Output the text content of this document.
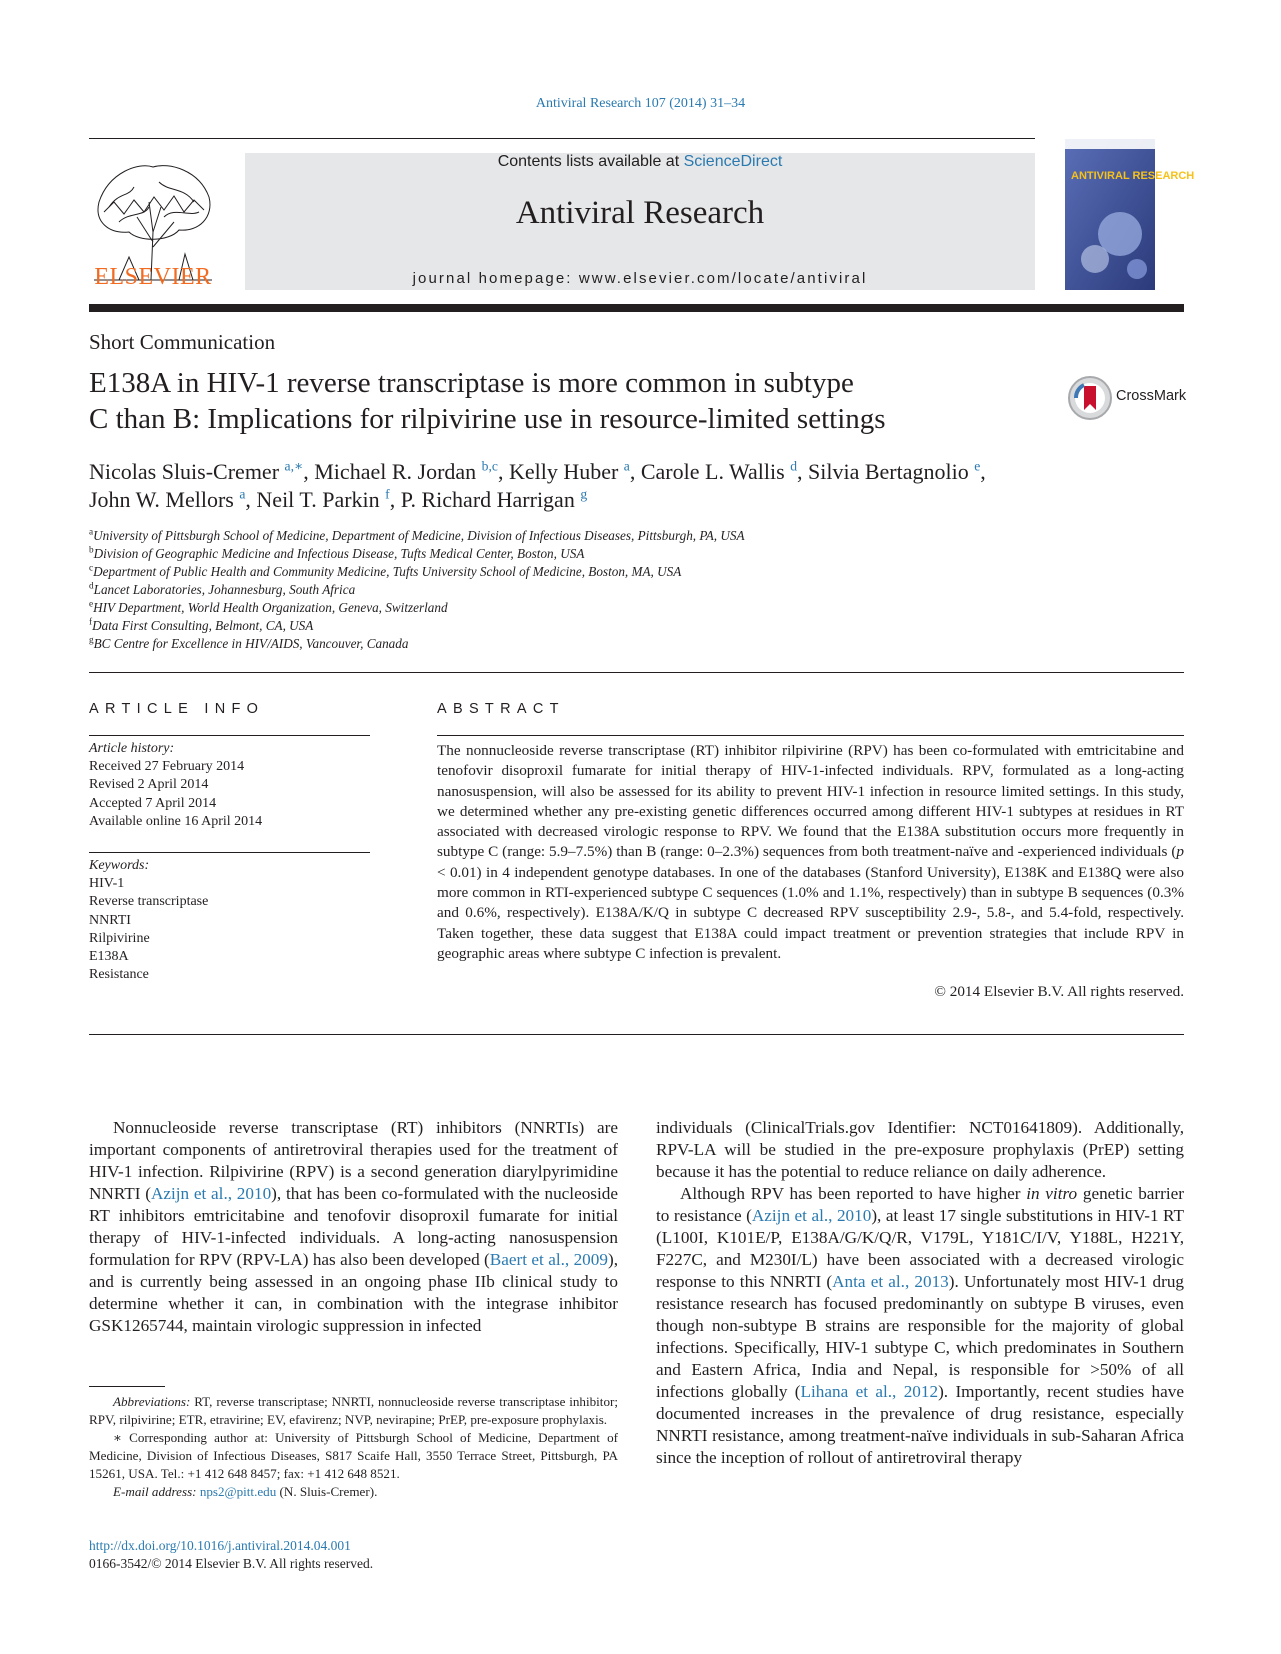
Antiviral Research 107 (2014) 31–34
ELSEVIER
Contents lists available at ScienceDirect
Antiviral Research
journal homepage: www.elsevier.com/locate/antiviral
ANTIVIRAL RESEARCH
Short Communication
E138A in HIV-1 reverse transcriptase is more common in subtype
C than B: Implications for rilpivirine use in resource-limited settings
CrossMark
Nicolas Sluis-Cremer $^{a,∗}$, Michael R. Jordan $^{b,c}$, Kelly Huber $^a$, Carole L. Wallis $^d$, Silvia Bertagnolio $^e$,
John W. Mellors $^a$, Neil T. Parkin $^f$, P. Richard Harrigan $^g$
$^a$University of Pittsburgh School of Medicine, Department of Medicine, Division of Infectious Diseases, Pittsburgh, PA, USA
$^b$Division of Geographic Medicine and Infectious Disease, Tufts Medical Center, Boston, USA
$^c$Department of Public Health and Community Medicine, Tufts University School of Medicine, Boston, MA, USA
$^d$Lancet Laboratories, Johannesburg, South Africa
$^e$HIV Department, World Health Organization, Geneva, Switzerland
$^f$Data First Consulting, Belmont, CA, USA
$^g$BC Centre for Excellence in HIV/AIDS, Vancouver, Canada
ARTICLE INFO
Article history:
Received 27 February 2014
Revised 2 April 2014
Accepted 7 April 2014
Available online 16 April 2014
Keywords:
HIV-1
Reverse transcriptase
NNRTI
Rilpivirine
E138A
Resistance
ABSTRACT
The nonnucleoside reverse transcriptase (RT) inhibitor rilpivirine (RPV) has been co-formulated with emtricitabine and tenofovir disoproxil fumarate for initial therapy of HIV-1-infected individuals. RPV, formulated as a long-acting nanosuspension, will also be assessed for its ability to prevent HIV-1 infection in resource limited settings. In this study, we determined whether any pre-existing genetic differences occurred among different HIV-1 subtypes at residues in RT associated with decreased virologic response to RPV. We found that the E138A substitution occurs more frequently in subtype C (range: 5.9–7.5%) than B (range: 0–2.3%) sequences from both treatment-naïve and -experienced individuals (p < 0.01) in 4 independent genotype databases. In one of the databases (Stanford University), E138K and E138Q were also more common in RTI-experienced subtype C sequences (1.0% and 1.1%, respectively) than in subtype B sequences (0.3% and 0.6%, respectively). E138A/K/Q in subtype C decreased RPV susceptibility 2.9-, 5.8-, and 5.4-fold, respectively. Taken together, these data suggest that E138A could impact treatment or prevention strategies that include RPV in geographic areas where subtype C infection is prevalent.
© 2014 Elsevier B.V. All rights reserved.

Nonnucleoside reverse transcriptase (RT) inhibitors (NNRTIs) are important components of antiretroviral therapies used for the treatment of HIV-1 infection. Rilpivirine (RPV) is a second generation diarylpyrimidine NNRTI (Azijn et al., 2010), that has been co-formulated with the nucleoside RT inhibitors emtricitabine and tenofovir disoproxil fumarate for initial therapy of HIV-1-infected individuals. A long-acting nanosuspension formulation for RPV (RPV-LA) has also been developed (Baert et al., 2009), and is currently being assessed in an ongoing phase IIb clinical study to determine whether it can, in combination with the integrase inhibitor GSK1265744, maintain virologic suppression in infected

individuals (ClinicalTrials.gov Identifier: NCT01641809). Additionally, RPV-LA will be studied in the pre-exposure prophylaxis (PrEP) setting because it has the potential to reduce reliance on daily adherence.

Although RPV has been reported to have higher in vitro genetic barrier to resistance (Azijn et al., 2010), at least 17 single substitutions in HIV-1 RT (L100I, K101E/P, E138A/G/K/Q/R, V179L, Y181C/I/V, Y188L, H221Y, F227C, and M230I/L) have been associated with a decreased virologic response to this NNRTI (Anta et al., 2013). Unfortunately most HIV-1 drug resistance research has focused predominantly on subtype B viruses, even though non-subtype B strains are responsible for the majority of global infections. Specifically, HIV-1 subtype C, which predominates in Southern and Eastern Africa, India and Nepal, is responsible for >50% of all infections globally (Lihana et al., 2012). Importantly, recent studies have documented increases in the prevalence of drug resistance, especially NNRTI resistance, among treatment-naïve individuals in sub-Saharan Africa since the inception of rollout of antiretroviral therapy

Abbreviations: RT, reverse transcriptase; NNRTI, nonnucleoside reverse transcriptase inhibitor; RPV, rilpivirine; ETR, etravirine; EV, efavirenz; NVP, nevirapine; PrEP, pre-exposure prophylaxis.

∗ Corresponding author at: University of Pittsburgh School of Medicine, Department of Medicine, Division of Infectious Diseases, S817 Scaife Hall, 3550 Terrace Street, Pittsburgh, PA 15261, USA. Tel.: +1 412 648 8457; fax: +1 412 648 8521.

E-mail address: nps2@pitt.edu (N. Sluis-Cremer).

http://dx.doi.org/10.1016/j.antiviral.2014.04.001
0166-3542/© 2014 Elsevier B.V. All rights reserved.
